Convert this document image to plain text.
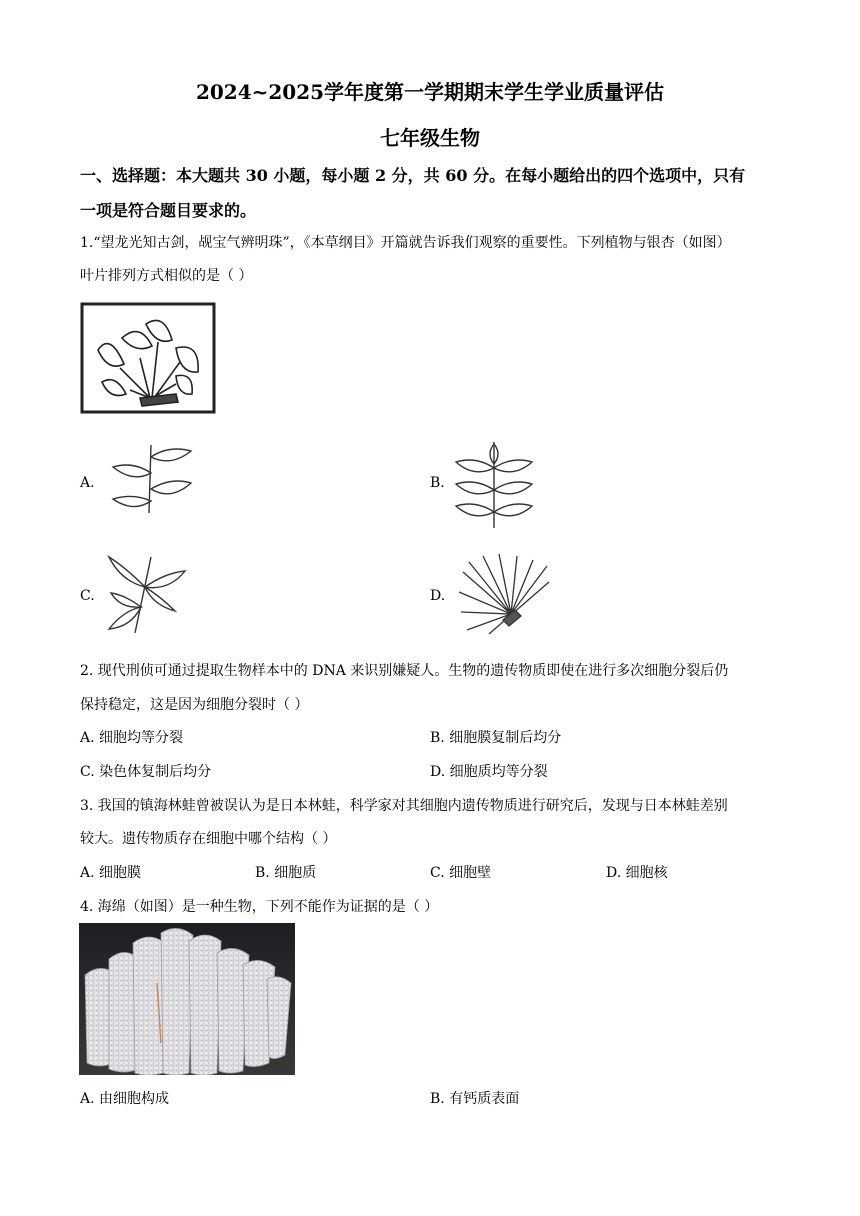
2024~2025学年度第一学期期末学生学业质量评估
七年级生物
一、选择题：本大题共 30 小题，每小题 2 分，共 60 分。在每小题给出的四个选项中，只有
一项是符合题目要求的。
1.“望龙光知古剑，觇宝气辨明珠”，《本草纲目》开篇就告诉我们观察的重要性。下列植物与银杏（如图）
叶片排列方式相似的是（ ）
A.	B.
C.	D.
2. 现代刑侦可通过提取生物样本中的 DNA 来识别嫌疑人。生物的遗传物质即使在进行多次细胞分裂后仍
保持稳定，这是因为细胞分裂时（ ）
A. 细胞均等分裂	B. 细胞膜复制后均分
C. 染色体复制后均分	D. 细胞质均等分裂
3. 我国的镇海林蛙曾被误认为是日本林蛙，科学家对其细胞内遗传物质进行研究后，发现与日本林蛙差别
较大。遗传物质存在细胞中哪个结构（ ）
A. 细胞膜	B. 细胞质	C. 细胞壁	D. 细胞核
4. 海绵（如图）是一种生物，下列不能作为证据的是（ ）
A. 由细胞构成	B. 有钙质表面
